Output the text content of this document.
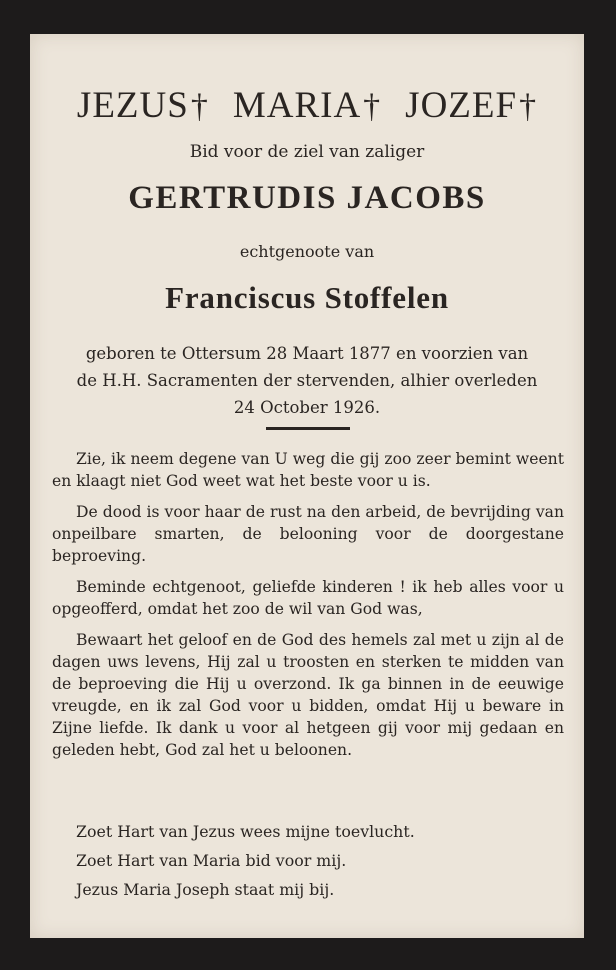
JEZUS† MARIA† JOZEF†
Bid voor de ziel van zaliger
GERTRUDIS JACOBS
echtgenoote van
Franciscus Stoffelen
geboren te Ottersum 28 Maart 1877 en voorzien van
de H.H. Sacramenten der stervenden, alhier overleden
24 October 1926.

Zie, ik neem degene van U weg die gij zoo zeer bemint weent en klaagt niet God weet wat het beste voor u is.

De dood is voor haar de rust na den arbeid, de bevrijding van onpeilbare smarten, de belooning voor de doorgestane beproeving.

Beminde echtgenoot, geliefde kinderen ! ik heb alles voor u opgeofferd, omdat het zoo de wil van God was,

Bewaart het geloof en de God des hemels zal met u zijn al de dagen uws levens, Hij zal u troosten en sterken te midden van de beproeving die Hij u overzond. Ik ga binnen in de eeuwige vreugde, en ik zal God voor u bidden, omdat Hij u beware in Zijne liefde. Ik dank u voor al hetgeen gij voor mij gedaan en geleden hebt, God zal het u beloonen.

Zoet Hart van Jezus wees mijne toevlucht.
Zoet Hart van Maria bid voor mij.
Jezus Maria Joseph staat mij bij.
